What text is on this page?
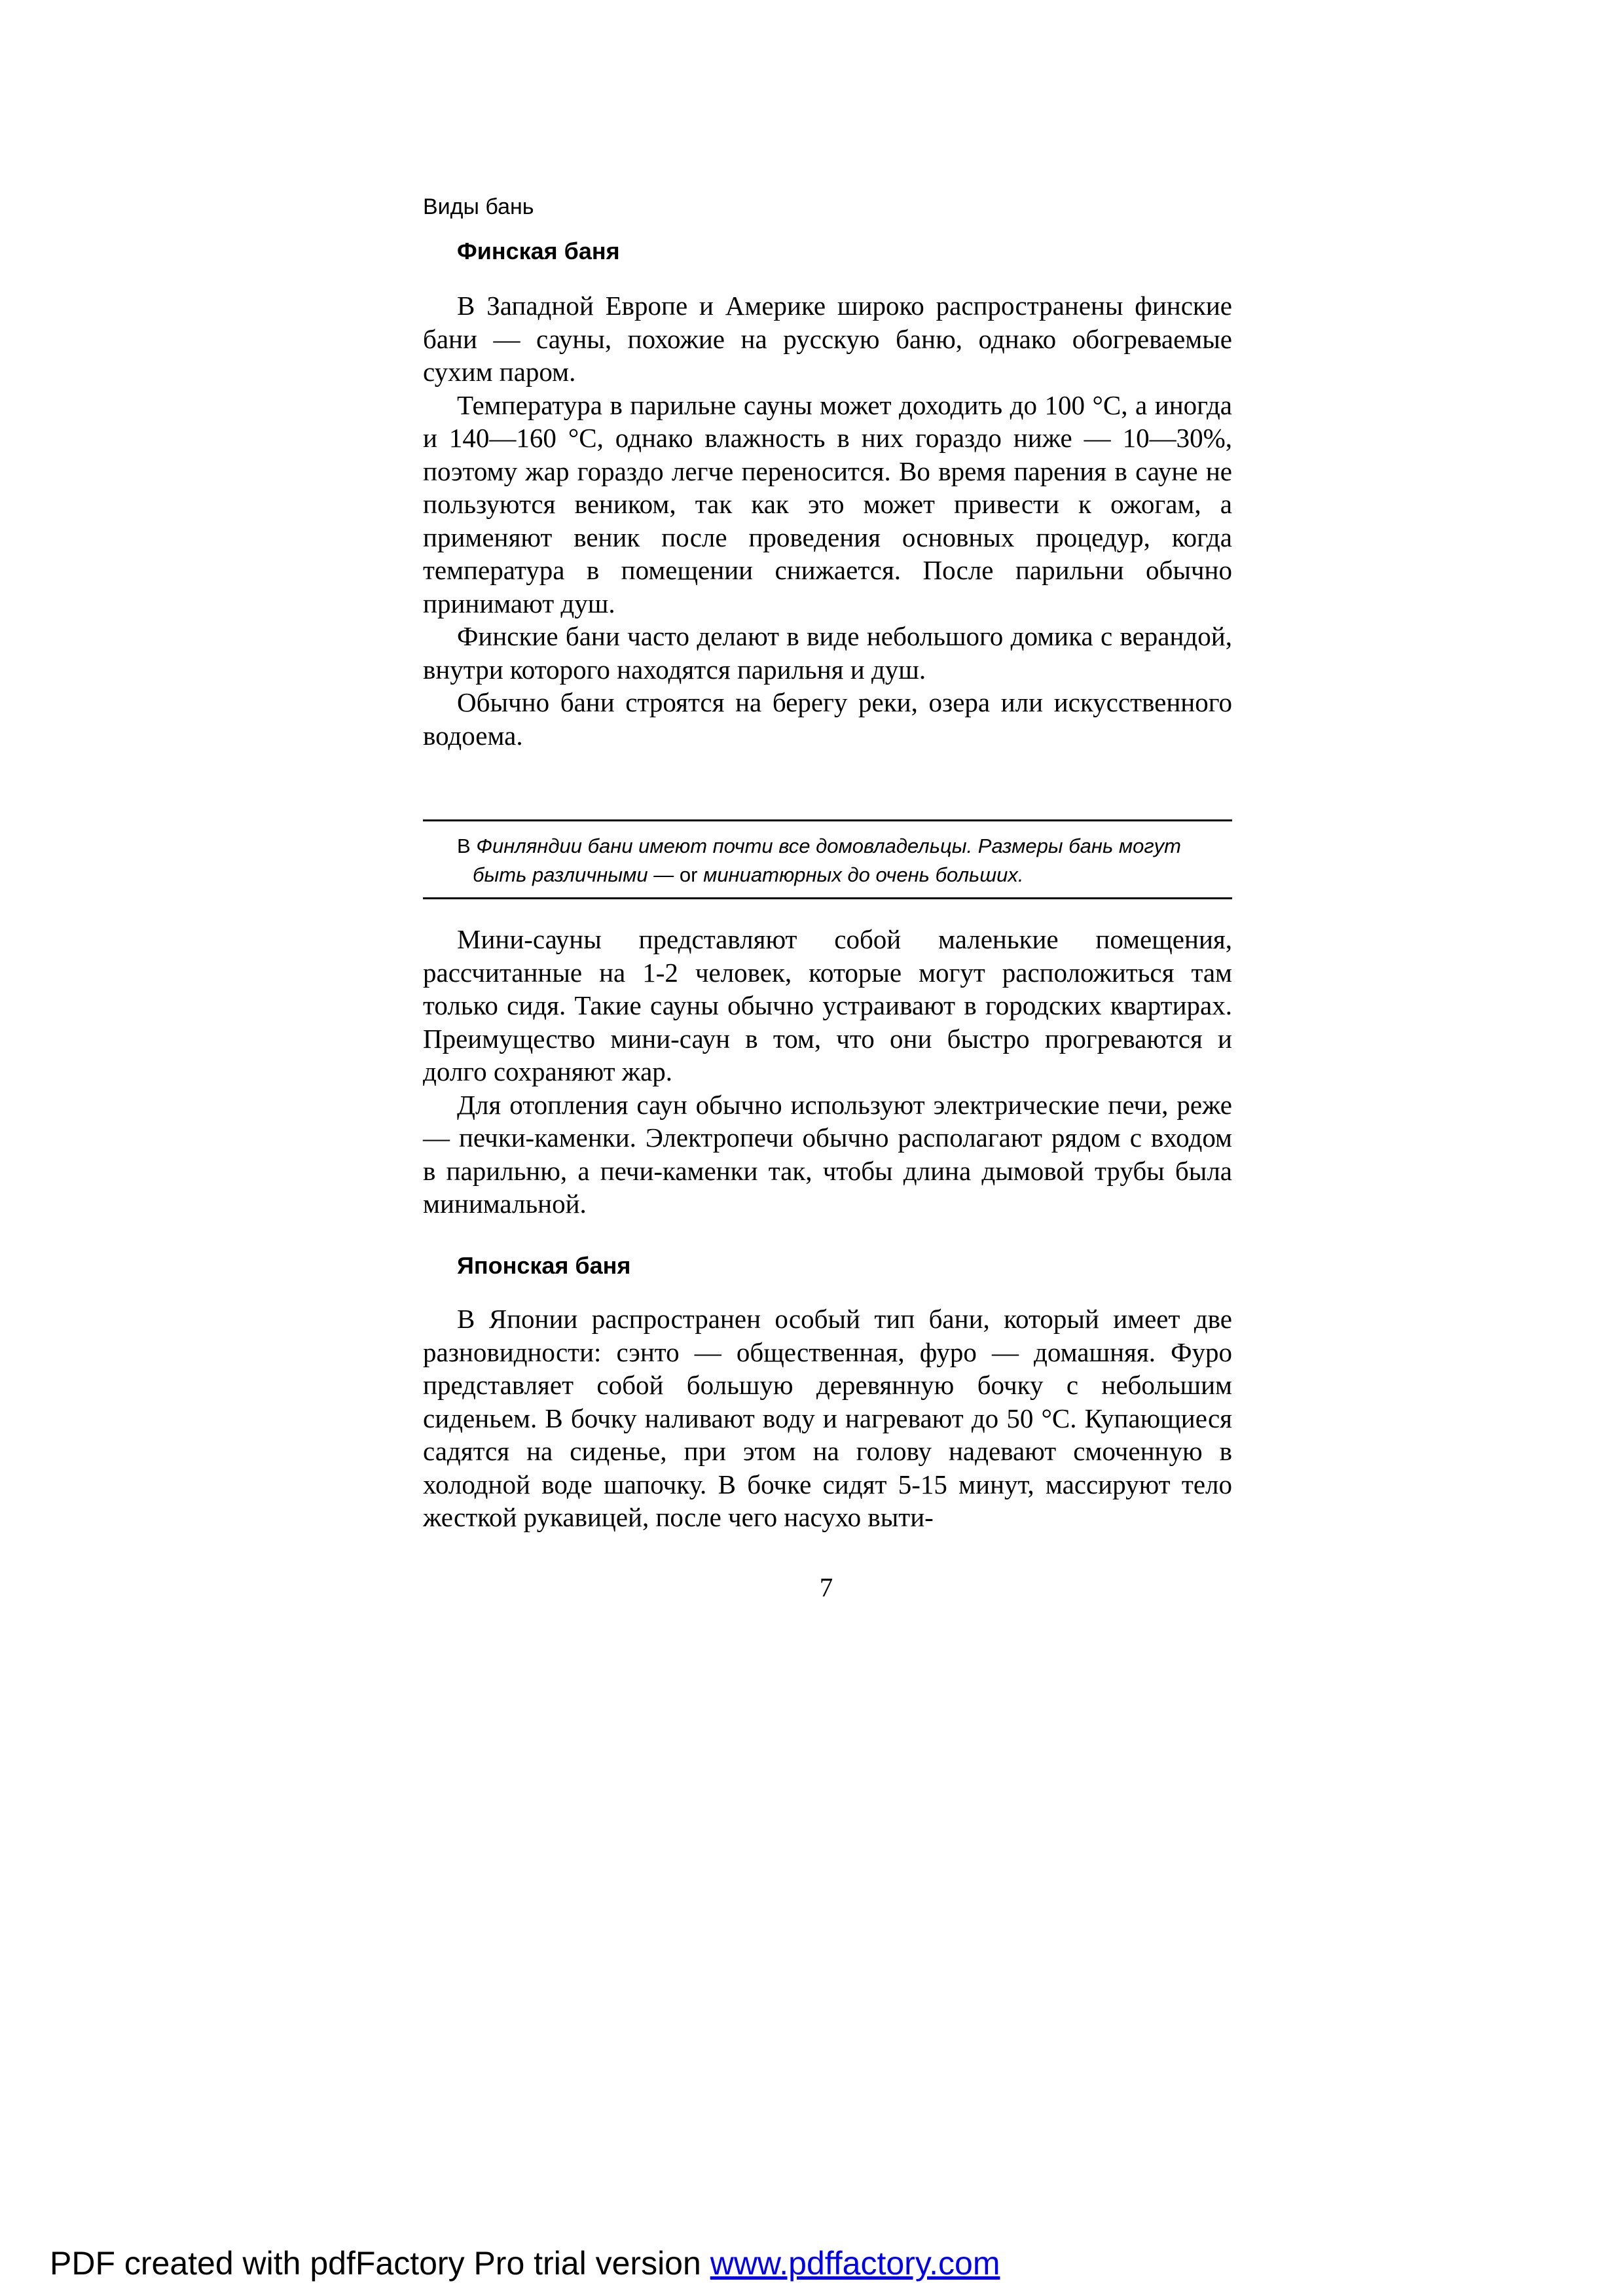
Виды бань
Финская баня

В Западной Европе и Америке широко распространены финские бани — сауны, похожие на русскую баню, однако обогреваемые сухим паром.

Температура в парильне сауны может доходить до 100 °С, а иногда и 140—160 °С, однако влажность в них гораздо ниже — 10—30%, поэтому жар гораздо легче переносится. Во время парения в сауне не пользуются веником, так как это может привести к ожогам, а применяют веник после проведения основных процедур, когда температура в помещении снижается. После парильни обычно принимают душ.

Финские бани часто делают в виде небольшого домика с верандой, внутри которого находятся парильня и душ.

Обычно бани строятся на берегу реки, озера или искусственного водоема.

В Финляндии бани имеют почти все домовладельцы. Размеры бань могут быть различными — or миниатюрных до очень больших.

Мини-сауны представляют собой маленькие помещения, рассчитанные на 1-2 человек, которые могут расположиться там только сидя. Такие сауны обычно устраивают в городских квартирах. Преимущество мини-саун в том, что они быстро прогреваются и долго сохраняют жар.

Для отопления саун обычно используют электрические печи, реже — печки-каменки. Электропечи обычно располагают рядом с входом в парильню, а печи-каменки так, чтобы длина дымовой трубы была минимальной.

Японская баня

В Японии распространен особый тип бани, который имеет две разновидности: сэнто — общественная, фуро — домашняя. Фуро представляет собой большую деревянную бочку с небольшим сиденьем. В бочку наливают воду и нагревают до 50 °С. Купающиеся садятся на сиденье, при этом на голову надевают смоченную в холодной воде шапочку. В бочке сидят 5-15 минут, массируют тело жесткой рукавицей, после чего насухо выти-

7

PDF created with pdfFactory Pro trial version www.pdffactory.com
